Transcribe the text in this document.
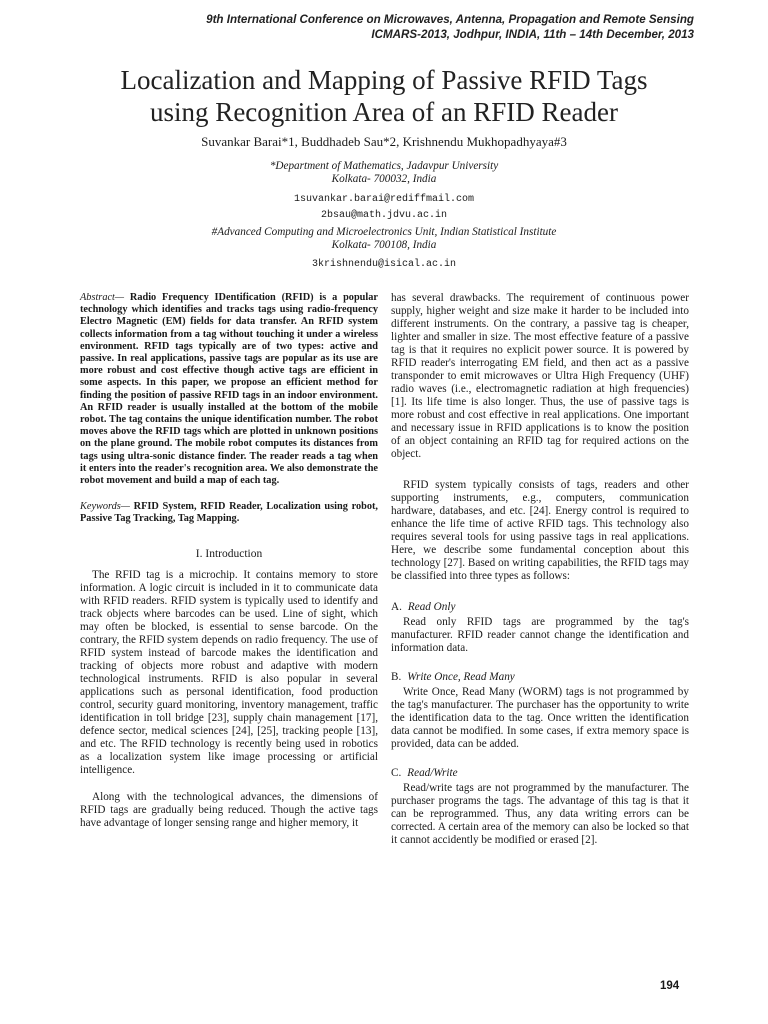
9th International Conference on Microwaves, Antenna, Propagation and Remote Sensing
ICMARS-2013, Jodhpur, INDIA, 11th – 14th December, 2013
Localization and Mapping of Passive RFID Tags
using Recognition Area of an RFID Reader
Suvankar Barai*1, Buddhadeb Sau*2, Krishnendu Mukhopadhyaya#3
*Department of Mathematics, Jadavpur University
Kolkata- 700032, India
1suvankar.barai@rediffmail.com
2bsau@math.jdvu.ac.in
#Advanced Computing and Microelectronics Unit, Indian Statistical Institute
Kolkata- 700108, India
3krishnendu@isical.ac.in

Abstract— Radio Frequency IDentification (RFID) is a popular technology which identifies and tracks tags using radio-frequency Electro Magnetic (EM) fields for data transfer. An RFID system collects information from a tag without touching it under a wireless environment. RFID tags typically are of two types: active and passive. In real applications, passive tags are popular as its use are more robust and cost effective though active tags are efficient in some aspects. In this paper, we propose an efficient method for finding the position of passive RFID tags in an indoor environment. An RFID reader is usually installed at the bottom of the mobile robot. The tag contains the unique identification number. The robot moves above the RFID tags which are plotted in unknown positions on the plane ground. The mobile robot computes its distances from tags using ultra-sonic distance finder. The reader reads a tag when it enters into the reader's recognition area. We also demonstrate the robot movement and build a map of each tag.

Keywords— RFID System, RFID Reader, Localization using robot, Passive Tag Tracking, Tag Mapping.

I. Introduction

The RFID tag is a microchip. It contains memory to store information. A logic circuit is included in it to communicate data with RFID readers. RFID system is typically used to identify and track objects where barcodes can be used. Line of sight, which may often be blocked, is essential to sense barcode. On the contrary, the RFID system depends on radio frequency. The use of RFID system instead of barcode makes the identification and tracking of objects more robust and adaptive with modern technological instruments. RFID is also popular in several applications such as personal identification, food production control, security guard monitoring, inventory management, traffic identification in toll bridge [23], supply chain management [17], defence sector, medical sciences [24], [25], tracking people [13], and etc. The RFID technology is recently being used in robotics as a localization system like image processing or artificial intelligence.

Along with the technological advances, the dimensions of RFID tags are gradually being reduced. Though the active tags have advantage of longer sensing range and higher memory, it

has several drawbacks. The requirement of continuous power supply, higher weight and size make it harder to be included into different instruments. On the contrary, a passive tag is cheaper, lighter and smaller in size. The most effective feature of a passive tag is that it requires no explicit power source. It is powered by RFID reader's interrogating EM field, and then act as a passive transponder to emit microwaves or Ultra High Frequency (UHF) radio waves (i.e., electromagnetic radiation at high frequencies) [1]. Its life time is also longer. Thus, the use of passive tags is more robust and cost effective in real applications. One important and necessary issue in RFID applications is to know the position of an object containing an RFID tag for required actions on the object.

RFID system typically consists of tags, readers and other supporting instruments, e.g., computers, communication hardware, databases, and etc. [24]. Energy control is required to enhance the life time of active RFID tags. This technology also requires several tools for using passive tags in real applications. Here, we describe some fundamental conception about this technology [27]. Based on writing capabilities, the RFID tags may be classified into three types as follows:

A. Read Only

Read only RFID tags are programmed by the tag's manufacturer. RFID reader cannot change the identification and information data.

B. Write Once, Read Many

Write Once, Read Many (WORM) tags is not programmed by the tag's manufacturer. The purchaser has the opportunity to write the identification data to the tag. Once written the identification data cannot be modified. In some cases, if extra memory space is provided, data can be added.

C. Read/Write

Read/write tags are not programmed by the manufacturer. The purchaser programs the tags. The advantage of this tag is that it can be reprogrammed. Thus, any data writing errors can be corrected. A certain area of the memory can also be locked so that it cannot accidently be modified or erased [2].

194
